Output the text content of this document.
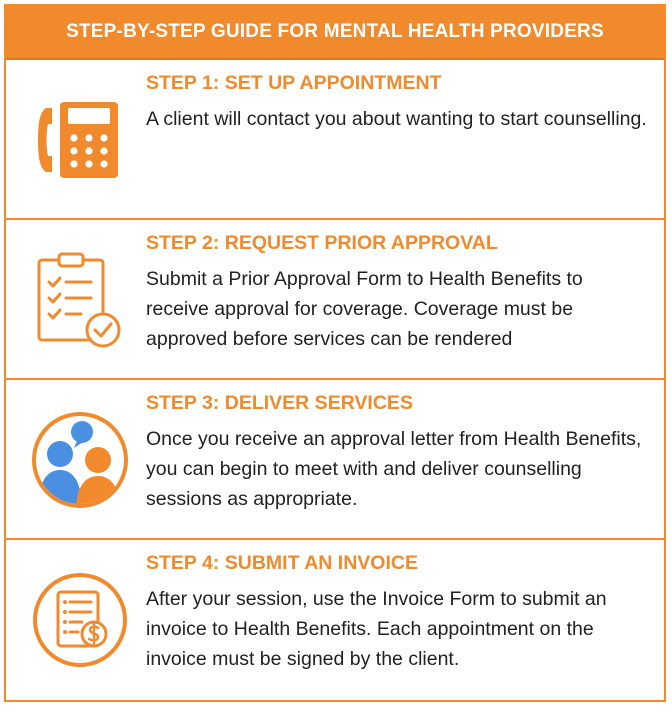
STEP-BY-STEP GUIDE FOR MENTAL HEALTH PROVIDERS
STEP 1: SET UP APPOINTMENT

A client will contact you about wanting to start counselling.

STEP 2: REQUEST PRIOR APPROVAL

Submit a Prior Approval Form to Health Benefits to receive approval for coverage. Coverage must be approved before services can be rendered

STEP 3: DELIVER SERVICES

Once you receive an approval letter from Health Benefits, you can begin to meet with and deliver counselling sessions as appropriate.

STEP 4: SUBMIT AN INVOICE

After your session, use the Invoice Form to submit an invoice to Health Benefits. Each appointment on the invoice must be signed by the client.
